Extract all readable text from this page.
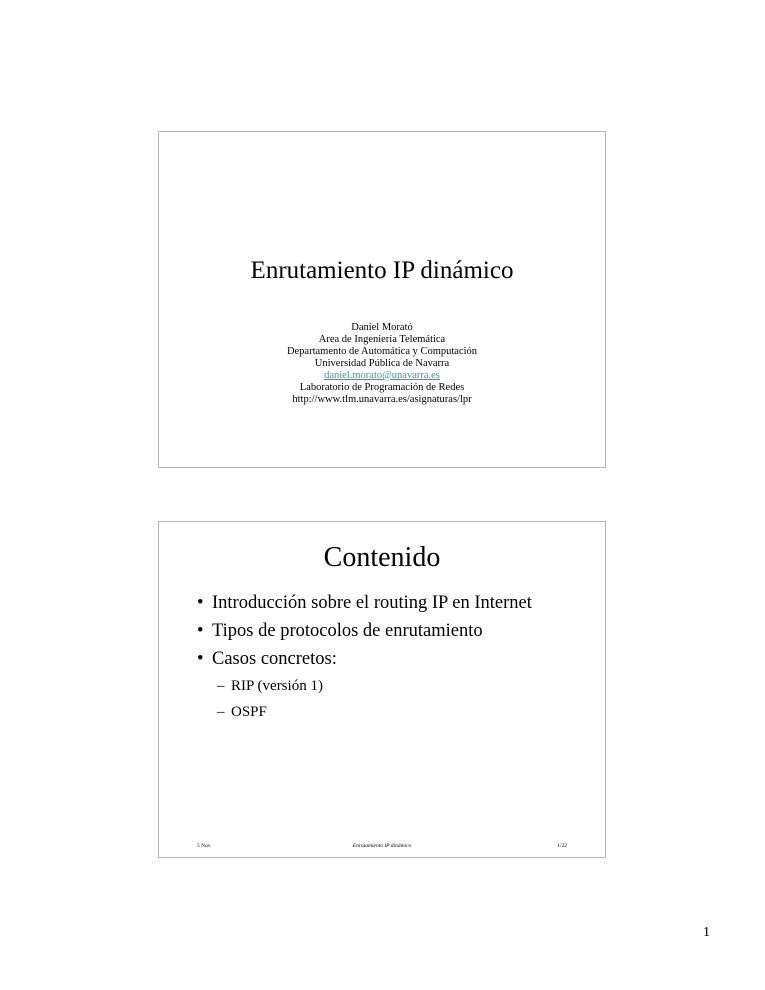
Enrutamiento IP dinámico
Daniel Morató
Area de Ingeniería Telemática
Departamento de Automática y Computación
Universidad Pública de Navarra
daniel.morato@unavarra.es
Laboratorio de Programación de Redes
http://www.tlm.unavarra.es/asignaturas/lpr
Contenido
• Introducción sobre el routing IP en Internet
• Tipos de protocolos de enrutamiento
• Casos concretos:
– RIP (versión 1)
– OSPF
5 Nov	Enrutamiento IP dinámico	1/22
1
